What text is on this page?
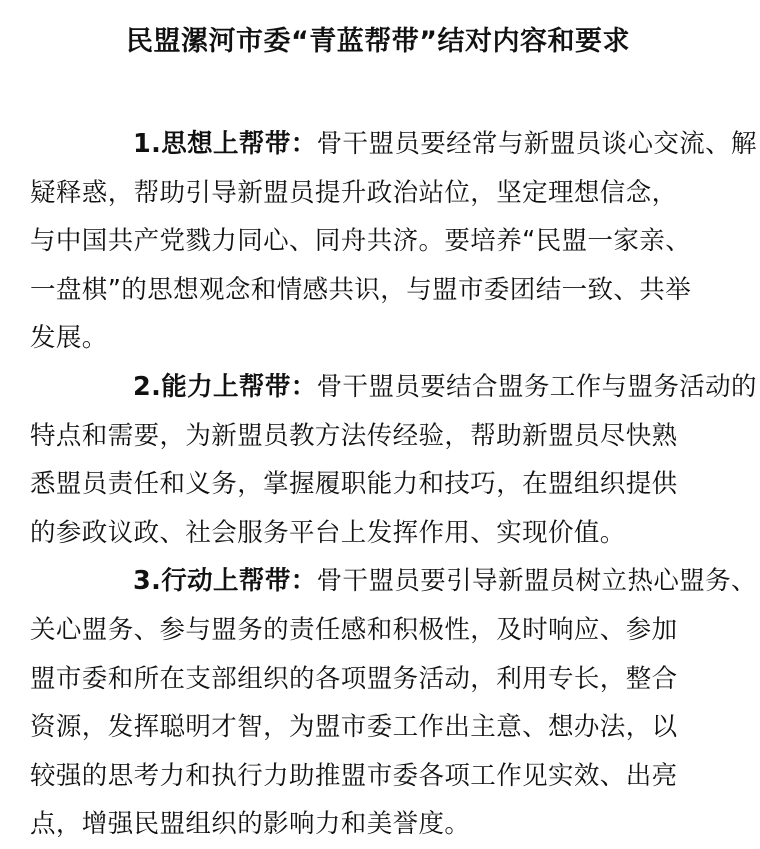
民盟漯河市委“青蓝帮带”结对内容和要求
1.思想上帮带：骨干盟员要经常与新盟员谈心交流、解
疑释惑，帮助引导新盟员提升政治站位，坚定理想信念，
与中国共产党戮力同心、同舟共济。要培养“民盟一家亲、
一盘棋”的思想观念和情感共识，与盟市委团结一致、共举
发展。
2.能力上帮带：骨干盟员要结合盟务工作与盟务活动的
特点和需要，为新盟员教方法传经验，帮助新盟员尽快熟
悉盟员责任和义务，掌握履职能力和技巧，在盟组织提供
的参政议政、社会服务平台上发挥作用、实现价值。
3.行动上帮带：骨干盟员要引导新盟员树立热心盟务、
关心盟务、参与盟务的责任感和积极性，及时响应、参加
盟市委和所在支部组织的各项盟务活动，利用专长，整合
资源，发挥聪明才智，为盟市委工作出主意、想办法，以
较强的思考力和执行力助推盟市委各项工作见实效、出亮
点，增强民盟组织的影响力和美誉度。
